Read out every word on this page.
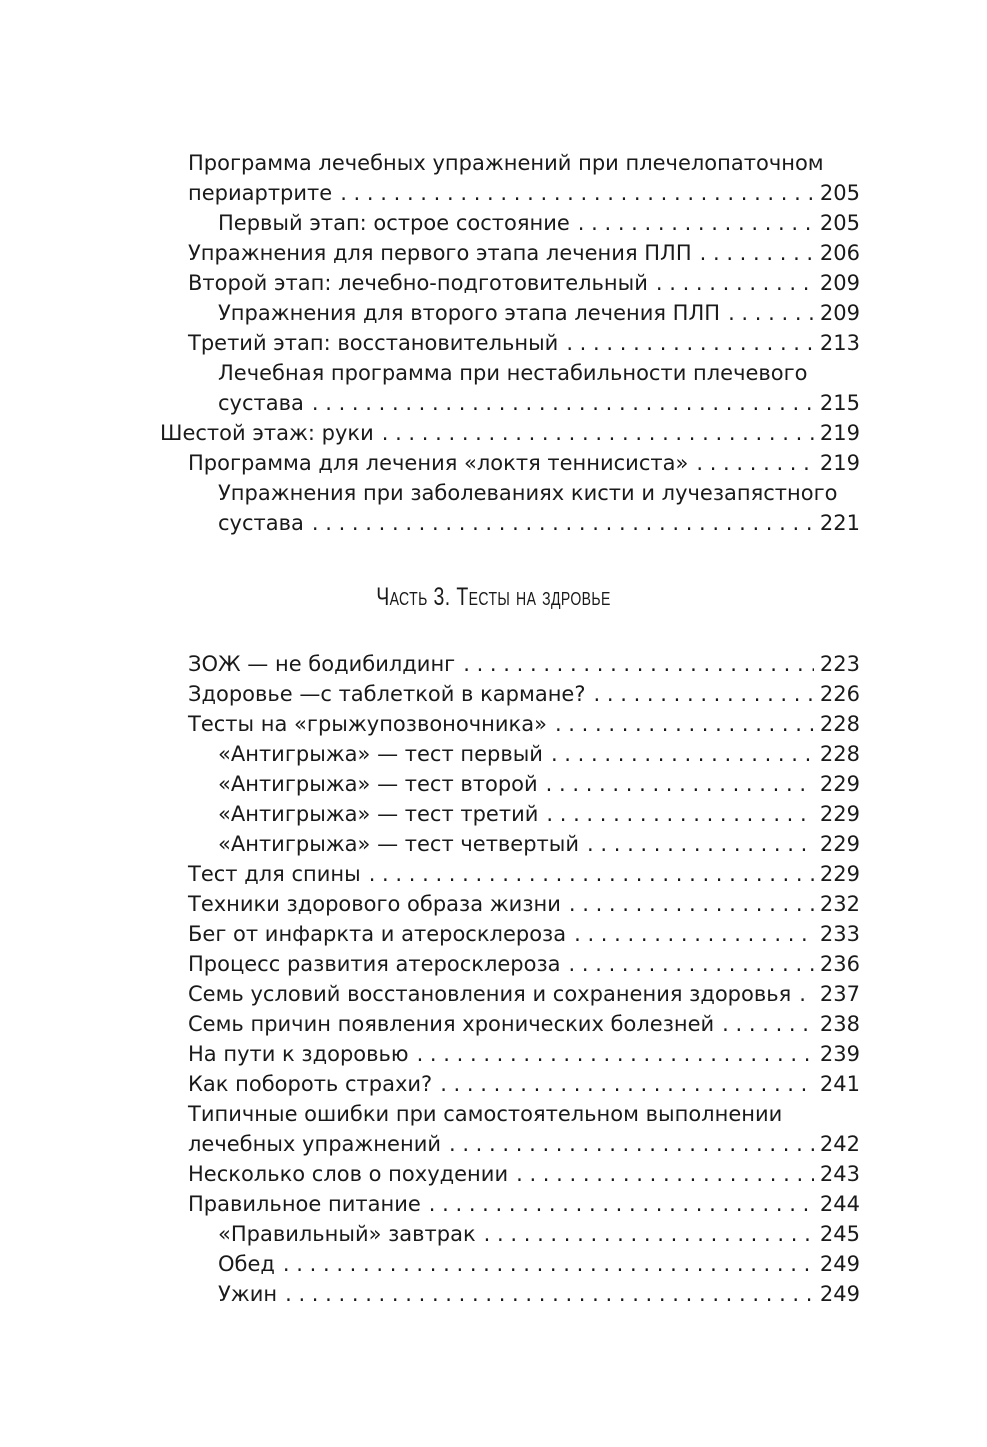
Программа лечебных упражнений при плечелопаточном
периартрите . . .	205
Первый этап: острое состояние . . .	205
Упражнения для первого этапа лечения ПЛП . . .	206
Второй этап: лечебно-подготовительный . . .	209
Упражнения для второго этапа лечения ПЛП . . .	209
Третий этап: восстановительный . . .	213
Лечебная программа при нестабильности плечевого
сустава . . .	215
Шестой этаж: руки . . .	219
Программа для лечения «локтя теннисиста» . . .	219
Упражнения при заболеваниях кисти и лучезапястного
сустава . . .	221
Часть 3. Тесты на здровье
ЗОЖ — не бодибилдинг . . .	223
Здоровье —с таблеткой в кармане? . . .	226
Тесты на «грыжупозвоночника» . . .	228
«Антигрыжа» — тест первый . . .	228
«Антигрыжа» — тест второй . . .	229
«Антигрыжа» — тест третий . . .	229
«Антигрыжа» — тест четвертый . . .	229
Тест для спины . . .	229
Техники здорового образа жизни . . .	232
Бег от инфаркта и атеросклероза . . .	233
Процесс развития атеросклероза . . .	236
Семь условий восстановления и сохранения здоровья . . . 237
Семь причин появления хронических болезней . . .	238
На пути к здоровью . . .	239
Как побороть страхи? . . .	241
Типичные ошибки при самостоятельном выполнении
лечебных упражнений . . .	242
Несколько слов о похудении . . .	243
Правильное питание . . .	244
«Правильный» завтрак . . .	245
Обед . . .	249
Ужин . . .	249
